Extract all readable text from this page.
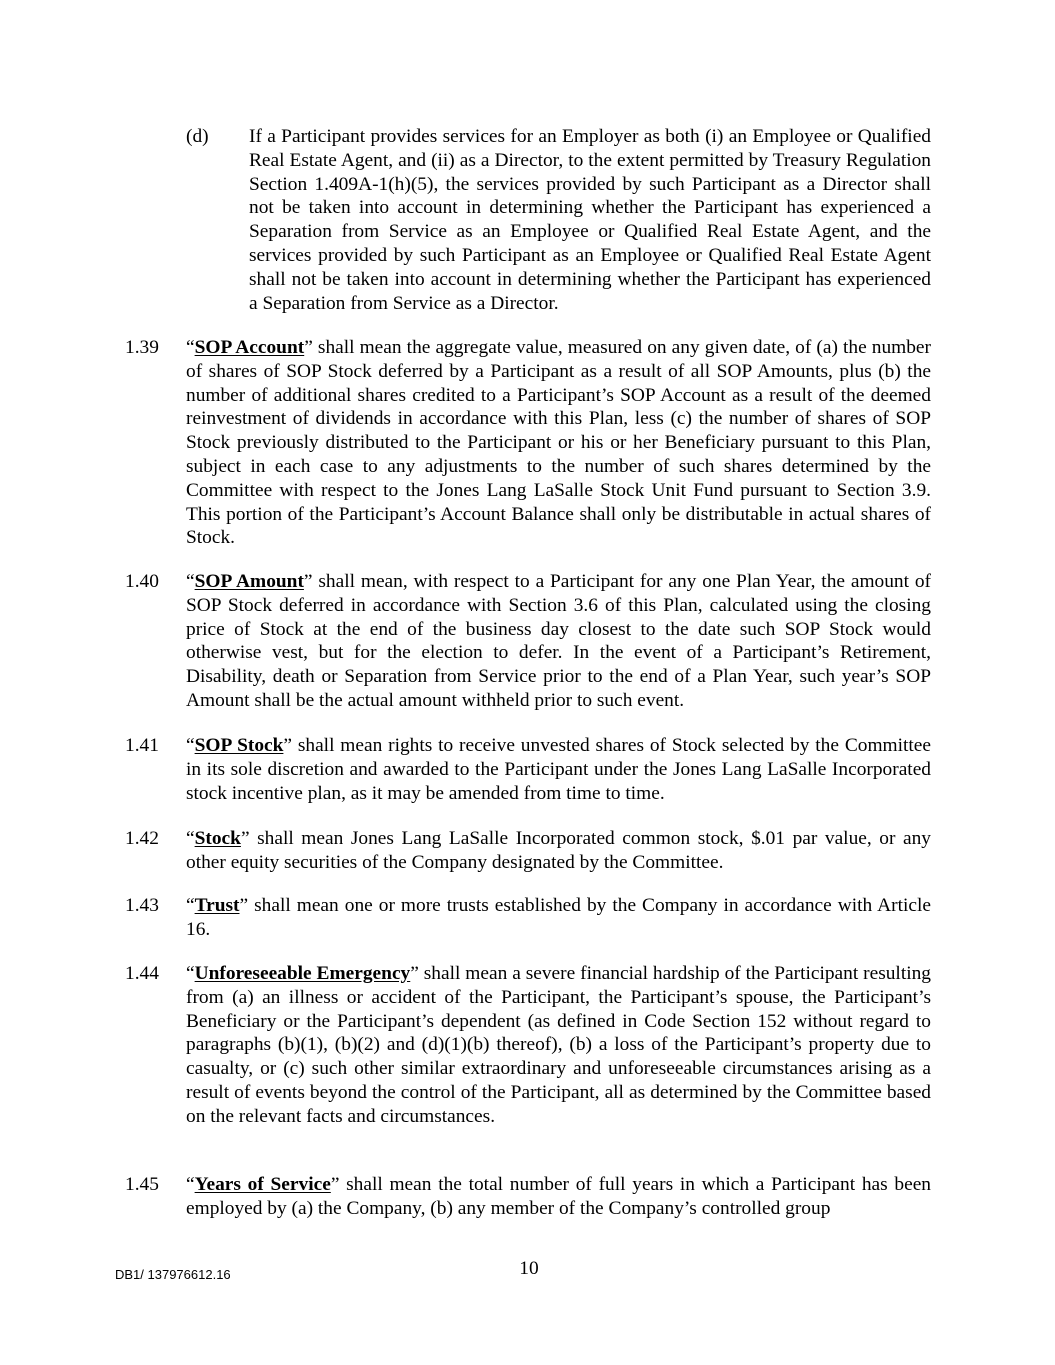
(d) If a Participant provides services for an Employer as both (i) an Employee or Qualified Real Estate Agent, and (ii) as a Director, to the extent permitted by Treasury Regulation Section 1.409A-1(h)(5), the services provided by such Participant as a Director shall not be taken into account in determining whether the Participant has experienced a Separation from Service as an Employee or Qualified Real Estate Agent, and the services provided by such Participant as an Employee or Qualified Real Estate Agent shall not be taken into account in determining whether the Participant has experienced a Separation from Service as a Director.
1.39 “SOP Account” shall mean the aggregate value, measured on any given date, of (a) the number of shares of SOP Stock deferred by a Participant as a result of all SOP Amounts, plus (b) the number of additional shares credited to a Participant’s SOP Account as a result of the deemed reinvestment of dividends in accordance with this Plan, less (c) the number of shares of SOP Stock previously distributed to the Participant or his or her Beneficiary pursuant to this Plan, subject in each case to any adjustments to the number of such shares determined by the Committee with respect to the Jones Lang LaSalle Stock Unit Fund pursuant to Section 3.9. This portion of the Participant’s Account Balance shall only be distributable in actual shares of Stock.
1.40 “SOP Amount” shall mean, with respect to a Participant for any one Plan Year, the amount of SOP Stock deferred in accordance with Section 3.6 of this Plan, calculated using the closing price of Stock at the end of the business day closest to the date such SOP Stock would otherwise vest, but for the election to defer. In the event of a Participant’s Retirement, Disability, death or Separation from Service prior to the end of a Plan Year, such year’s SOP Amount shall be the actual amount withheld prior to such event.
1.41 “SOP Stock” shall mean rights to receive unvested shares of Stock selected by the Committee in its sole discretion and awarded to the Participant under the Jones Lang LaSalle Incorporated stock incentive plan, as it may be amended from time to time.
1.42 “Stock” shall mean Jones Lang LaSalle Incorporated common stock, $.01 par value, or any other equity securities of the Company designated by the Committee.
1.43 “Trust” shall mean one or more trusts established by the Company in accordance with Article 16.
1.44 “Unforeseeable Emergency” shall mean a severe financial hardship of the Participant resulting from (a) an illness or accident of the Participant, the Participant’s spouse, the Participant’s Beneficiary or the Participant’s dependent (as defined in Code Section 152 without regard to paragraphs (b)(1), (b)(2) and (d)(1)(b) thereof), (b) a loss of the Participant’s property due to casualty, or (c) such other similar extraordinary and unforeseeable circumstances arising as a result of events beyond the control of the Participant, all as determined by the Committee based on the relevant facts and circumstances.
1.45 “Years of Service” shall mean the total number of full years in which a Participant has been employed by (a) the Company, (b) any member of the Company’s controlled group
DB1/ 137976612.16	10
